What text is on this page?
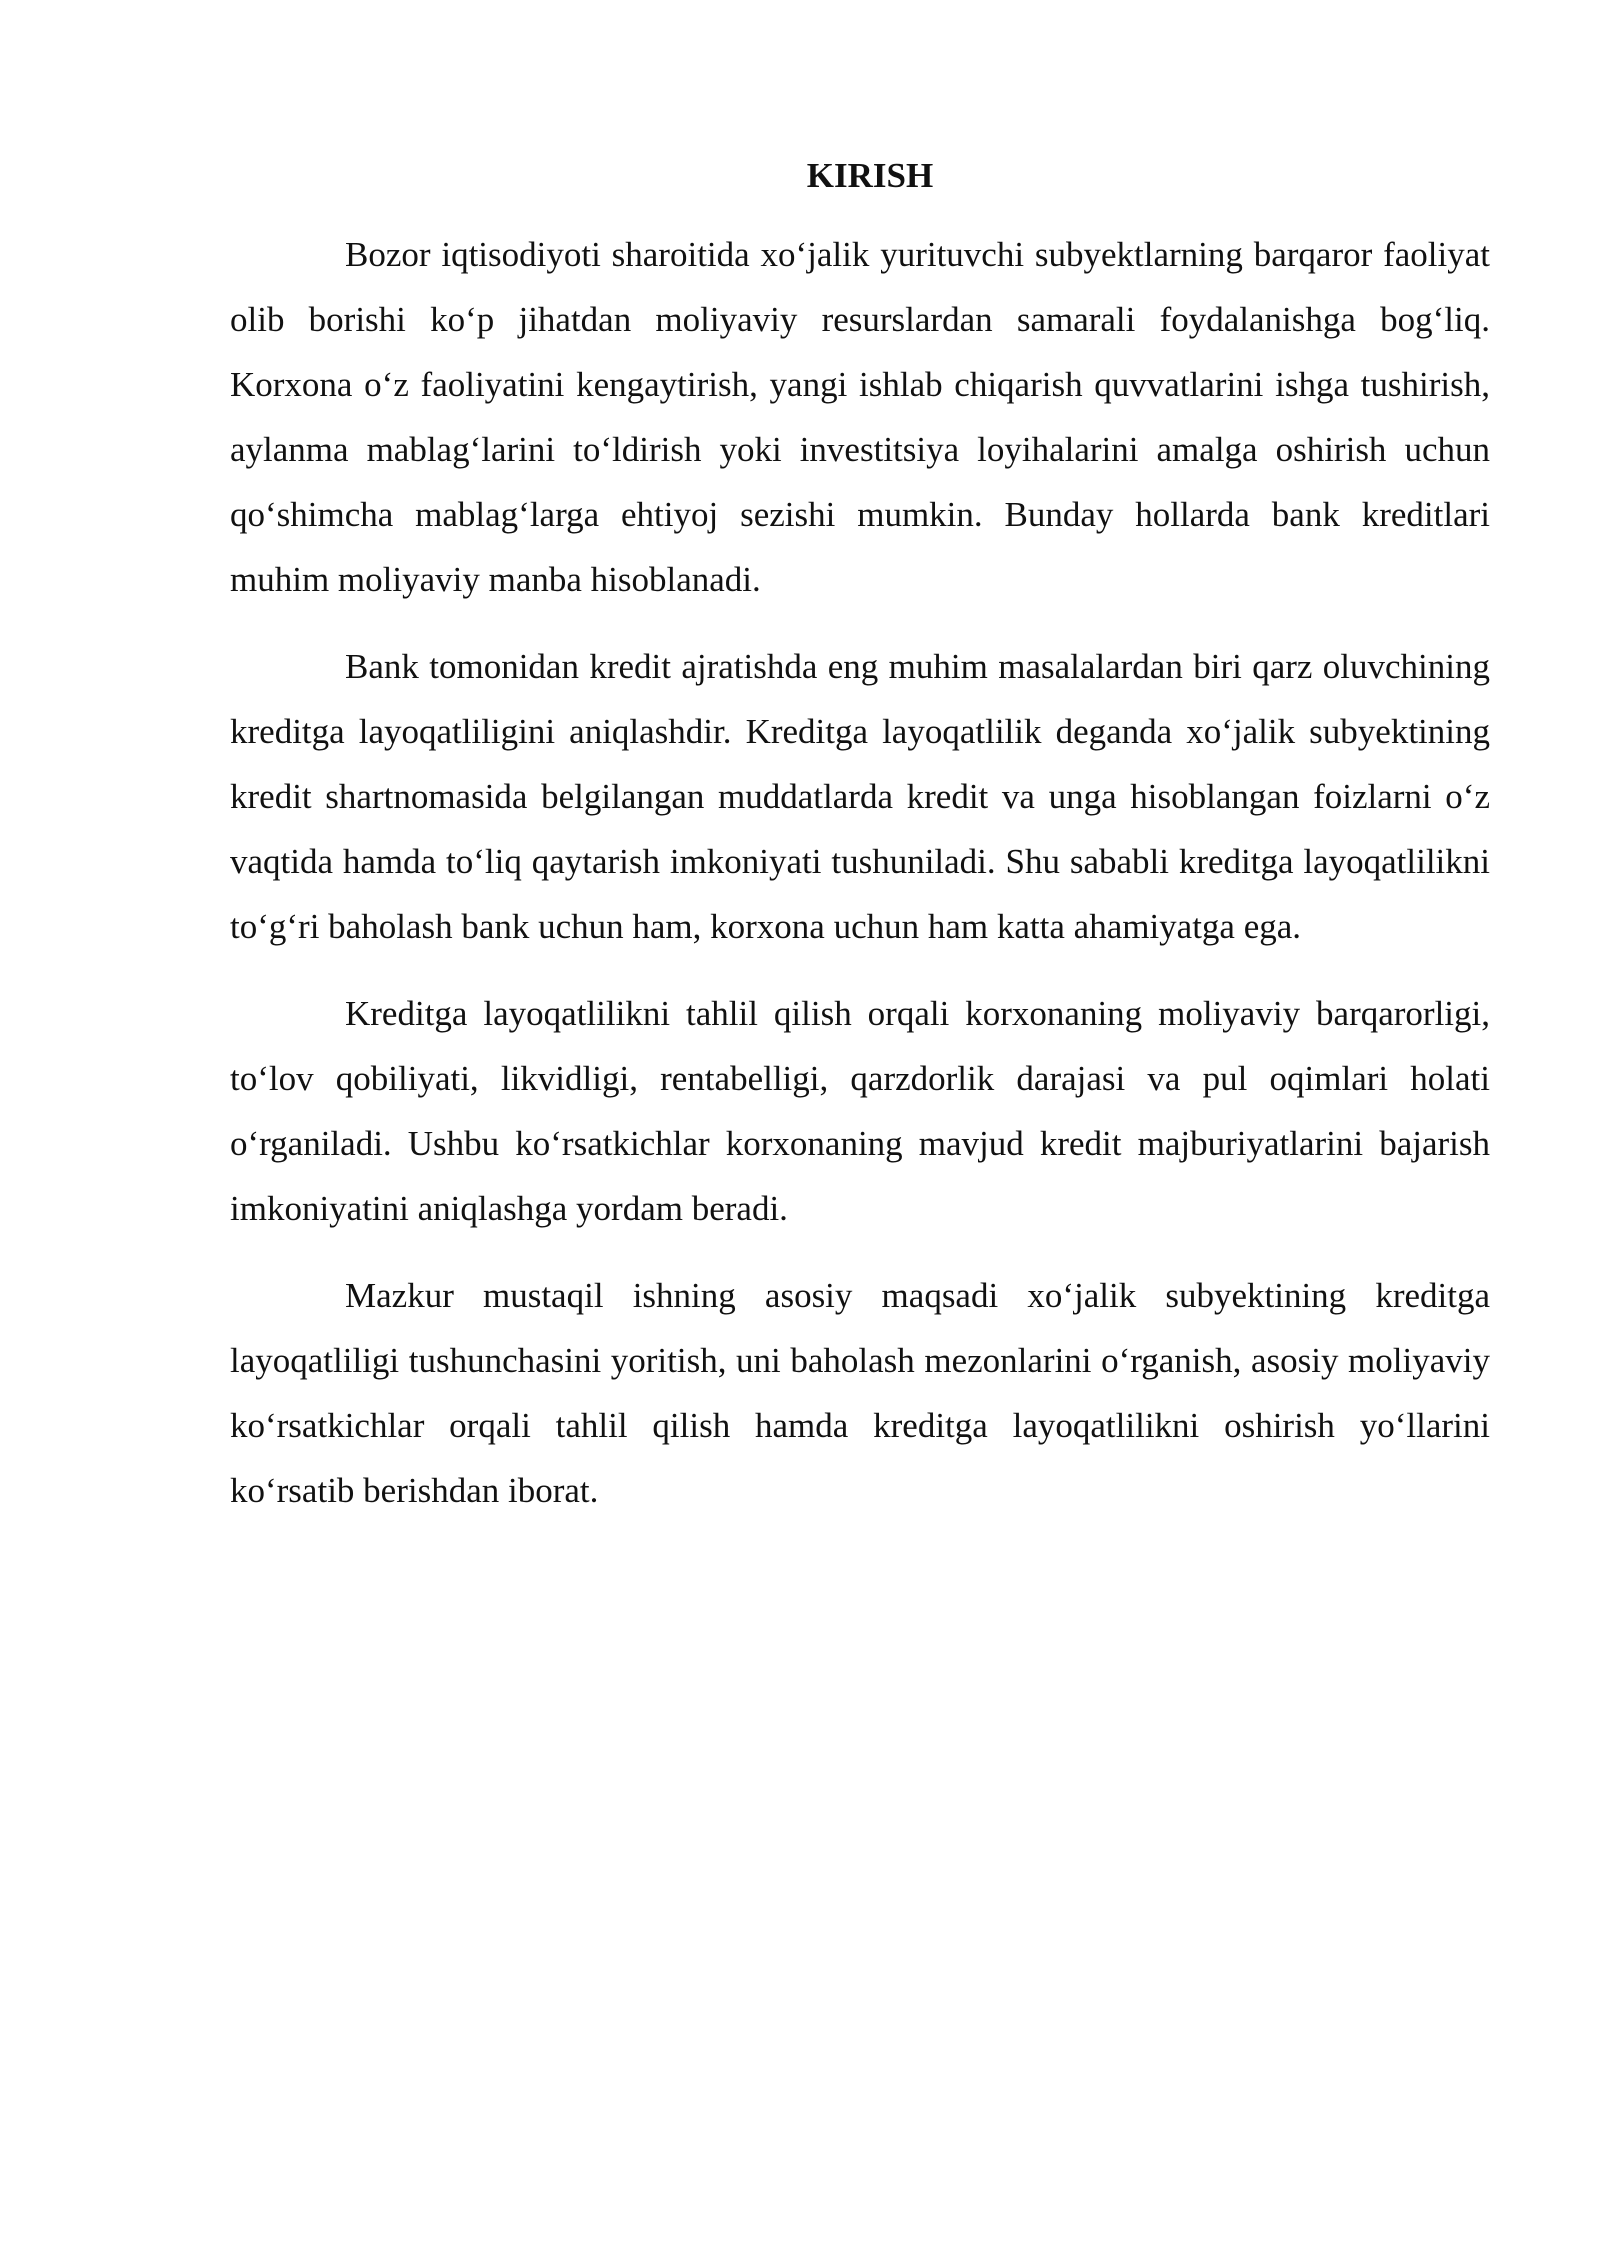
KIRISH

Bozor iqtisodiyoti sharoitida xo‘jalik yurituvchi subyektlarning barqaror faoliyat olib borishi ko‘p jihatdan moliyaviy resurslardan samarali foydalanishga bog‘liq. Korxona o‘z faoliyatini kengaytirish, yangi ishlab chiqarish quvvatlarini ishga tushirish, aylanma mablag‘larini to‘ldirish yoki investitsiya loyihalarini amalga oshirish uchun qo‘shimcha mablag‘larga ehtiyoj sezishi mumkin. Bunday hollarda bank kreditlari muhim moliyaviy manba hisoblanadi.

Bank tomonidan kredit ajratishda eng muhim masalalardan biri qarz oluvchining kreditga layoqatliligini aniqlashdir. Kreditga layoqatlilik deganda xo‘jalik subyektining kredit shartnomasida belgilangan muddatlarda kredit va unga hisoblangan foizlarni o‘z vaqtida hamda to‘liq qaytarish imkoniyati tushuniladi. Shu sababli kreditga layoqatlilikni to‘g‘ri baholash bank uchun ham, korxona uchun ham katta ahamiyatga ega.

Kreditga layoqatlilikni tahlil qilish orqali korxonaning moliyaviy barqarorligi, to‘lov qobiliyati, likvidligi, rentabelligi, qarzdorlik darajasi va pul oqimlari holati o‘rganiladi. Ushbu ko‘rsatkichlar korxonaning mavjud kredit majburiyatlarini bajarish imkoniyatini aniqlashga yordam beradi.

Mazkur mustaqil ishning asosiy maqsadi xo‘jalik subyektining kreditga layoqatliligi tushunchasini yoritish, uni baholash mezonlarini o‘rganish, asosiy moliyaviy ko‘rsatkichlar orqali tahlil qilish hamda kreditga layoqatlilikni oshirish yo‘llarini ko‘rsatib berishdan iborat.
